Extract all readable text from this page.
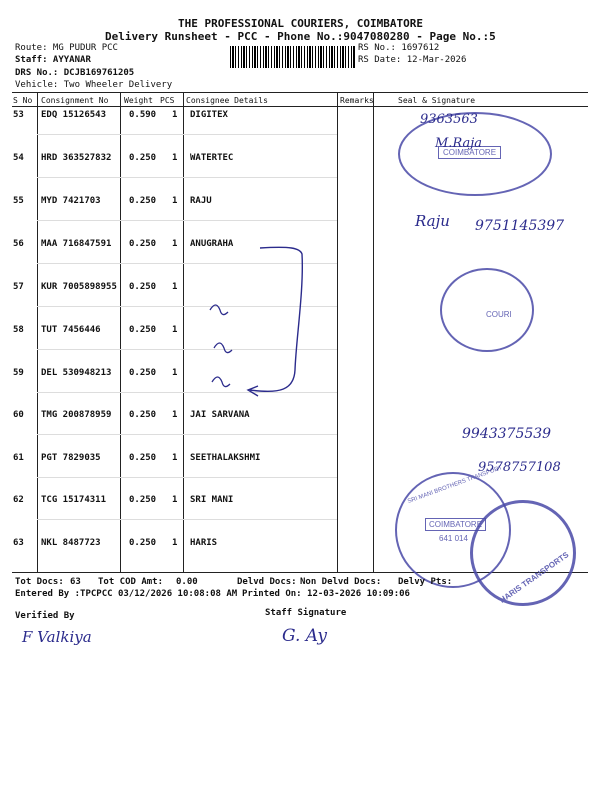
THE PROFESSIONAL COURIERS, COIMBATORE
Delivery Runsheet - PCC - Phone No.:9047080280 - Page No.:5
Route: MG PUDUR PCC
Staff: AYYANAR
DRS No.: DCJB169761205
Vehicle: Two Wheeler Delivery
RS No.: 1697612
RS Date: 12-Mar-2026
S No Consignment No Weight PCS Consignee Details	Remarks	Seal & Signature
53 EDQ 15126543	0.590 1 DIGITEX
54 HRD 363527832 0.250 1 WATERTEC
55 MYD 7421703	0.250 1 RAJU
56 MAA 716847591 0.250 1 ANUGRAHA
57 KUR 7005898955 0.250 1
58 TUT 7456446	0.250 1
59 DEL 530948213 0.250 1
60 TMG 200878959 0.250 1 JAI SARVANA
61 PGT 7829035	0.250 1 SEETHALAKSHMI
62 TCG 15174311	0.250 1 SRI MANI
63 NKL 8487723	0.250 1 HARIS
COIMBATORE
COURI
SRI MANI BROTHERS TRANSPORT
COIMBATORE
641 014
HARIS TRANSPORTS
9363563
M.Raja
Raju 9751145397
9943375539
9578757108
Tot Docs: 63 Tot COD Amt: 0.00	Delvd Docs: Non Delvd Docs: Delvy Pts:
Entered By :TPCPCC 03/12/2026 10:08:08 AM Printed On: 12-03-2026 10:09:06
Verified By	Staff Signature
F Valkiya	G. Ay
